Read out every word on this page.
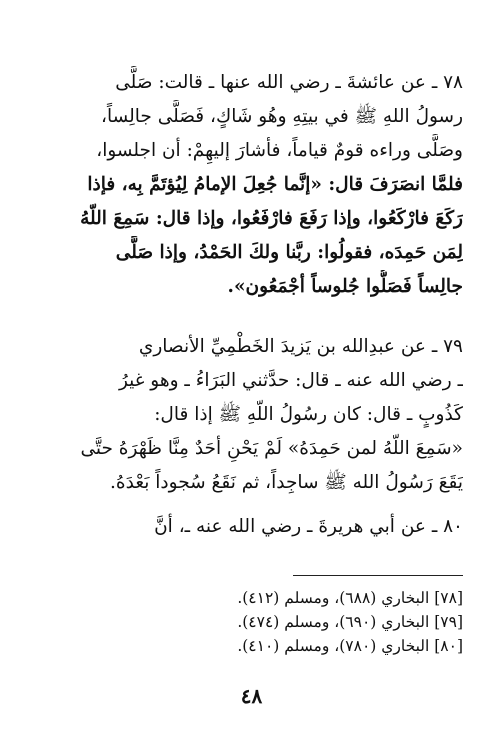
٧٨ ـ عن عائشةَ ـ رضي الله عنها ـ قالت: صَلَّى
رسولُ اللهِ ﷺ في بيتِهِ وهُو شَاكٍ، فَصَلَّى جالِساً،
وصَلَّى وراءه قومٌ قياماً، فأشارَ إليهِمْ: أن اجلسوا،
فلمَّا انصَرَفَ قال: «إنَّما جُعِلَ الإمامُ لِيُؤتَمَّ بِه، فإذا
رَكَعَ فارْكَعُوا، وإذا رَفَعَ فارْفَعُوا، وإذا قال: سَمِعَ اللّهُ
لِمَن حَمِدَه، فقولُوا: ربَّنا ولكَ الحَمْدُ، وإذا صَلَّى
جالِساً فَصَلُّوا جُلوساً أجْمَعُون».

٧٩ ـ عن عبدِالله بن يَزيدَ الخَطْمِيِّ الأنصاري
ـ رضي الله عنه ـ قال: حدَّثني البَرَاءُ ـ وهو غيرُ
كَذُوبٍ ـ قال: كان رسُولُ اللّهِ ﷺ إذا قال:
«سَمِعَ اللّهُ لمن حَمِدَهُ» لَمْ يَحْنِ أحَدٌ مِنَّا ظَهْرَهُ حتَّى
يَقَعَ رَسُولُ الله ﷺ ساجِداً، ثم نَقَعُ سُجوداً بَعْدَهُ.

٨٠ ـ عن أبي هريرةَ ـ رضي الله عنه ـ، أنَّ

[٧٨] البخاري (٦٨٨)، ومسلم (٤١٢).
[٧٩] البخاري (٦٩٠)، ومسلم (٤٧٤).
[٨٠] البخاري (٧٨٠)، ومسلم (٤١٠).
٤٨
